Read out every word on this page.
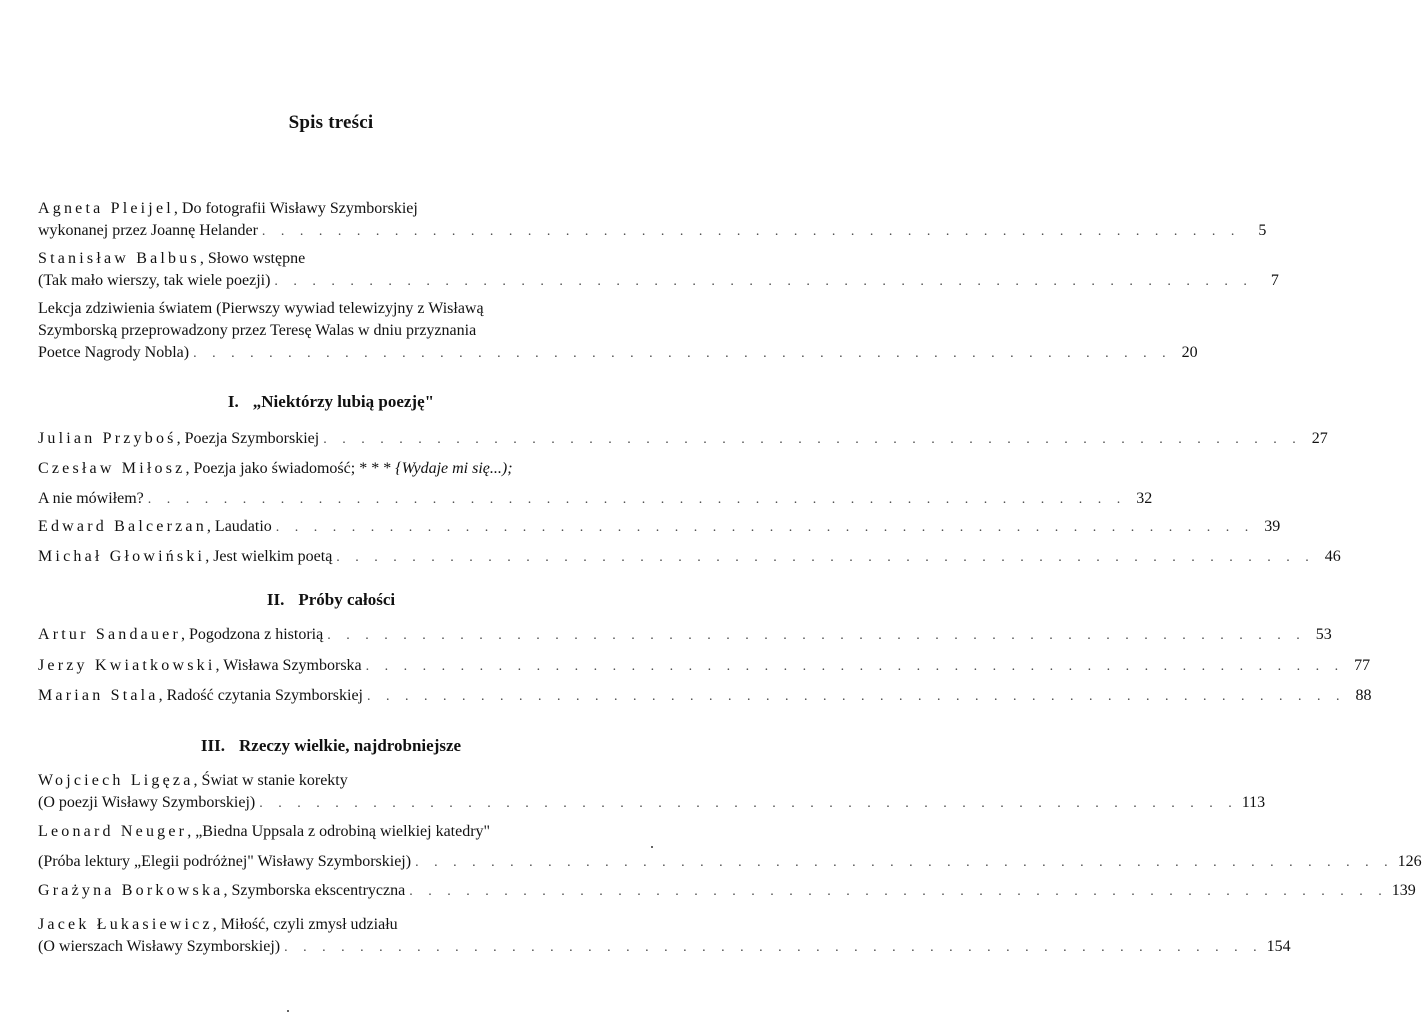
Spis treści
Agneta Pleijel, Do fotografii Wisławy Szymborskiej
wykonanej przez Joannę Helander . . . . . . . . . . . . . . . . . . . . . . . . . . . . . . . . . . . . . . . . . . . . . . . . . . . .	5
Stanisław Balbus, Słowo wstępne
(Tak mało wierszy, tak wiele poezji) . . . . . . . . . . . . . . . . . . . . . . . . . . . . . . . . . . . . . . . . . . . . . . . . . . . .	7
Lekcja zdziwienia światem (Pierwszy wywiad telewizyjny z Wisławą
Szymborską przeprowadzony przez Teresę Walas w dniu przyznania
Poetce Nagrody Nobla) . . . . . . . . . . . . . . . . . . . . . . . . . . . . . . . . . . . . . . . . . . . . . . . . . . . . 20
I. „Niektórzy lubią poezję"
Julian Przyboś, Poezja Szymborskiej . . . . . . . . . . . . . . . . . . . . . . . . . . . . . . . . . . . . . . . . . . . . . . . . . . . . 27
Czesław Miłosz, Poezja jako świadomość; * * * {Wydaje mi się...);
A nie mówiłem? . . . . . . . . . . . . . . . . . . . . . . . . . . . . . . . . . . . . . . . . . . . . . . . . . . . . 32
Edward Balcerzan, Laudatio . . . . . . . . . . . . . . . . . . . . . . . . . . . . . . . . . . . . . . . . . . . . . . . . . . . . 39
Michał Głowiński, Jest wielkim poetą . . . . . . . . . . . . . . . . . . . . . . . . . . . . . . . . . . . . . . . . . . . . . . . . . . . . 46
II. Próby całości
Artur Sandauer, Pogodzona z historią . . . . . . . . . . . . . . . . . . . . . . . . . . . . . . . . . . . . . . . . . . . . . . . . . . . . 53
Jerzy Kwiatkowski, Wisława Szymborska . . . . . . . . . . . . . . . . . . . . . . . . . . . . . . . . . . . . . . . . . . . . . . . . . . . . 77
Marian Stala, Radość czytania Szymborskiej . . . . . . . . . . . . . . . . . . . . . . . . . . . . . . . . . . . . . . . . . . . . . . . . . . . . 88
III. Rzeczy wielkie, najdrobniejsze
Wojciech Ligęza, Świat w stanie korekty
(O poezji Wisławy Szymborskiej) . . . . . . . . . . . . . . . . . . . . . . . . . . . . . . . . . . . . . . . . . . . . . . . . . . . . 113
Leonard Neuger, „Biedna Uppsala z odrobiną wielkiej katedry"
(Próba lektury „Elegii podróżnej" Wisławy Szymborskiej) . . . . . . . . . . . . . . . . . . . . . . . . . . . . . . . . . . . . . . . . . . . . . . . . . . . . 126
Grażyna Borkowska, Szymborska ekscentryczna . . . . . . . . . . . . . . . . . . . . . . . . . . . . . . . . . . . . . . . . . . . . . . . . . . . . 139
Jacek Łukasiewicz, Miłość, czyli zmysł udziału
(O wierszach Wisławy Szymborskiej) . . . . . . . . . . . . . . . . . . . . . . . . . . . . . . . . . . . . . . . . . . . . . . . . . . . . 154
